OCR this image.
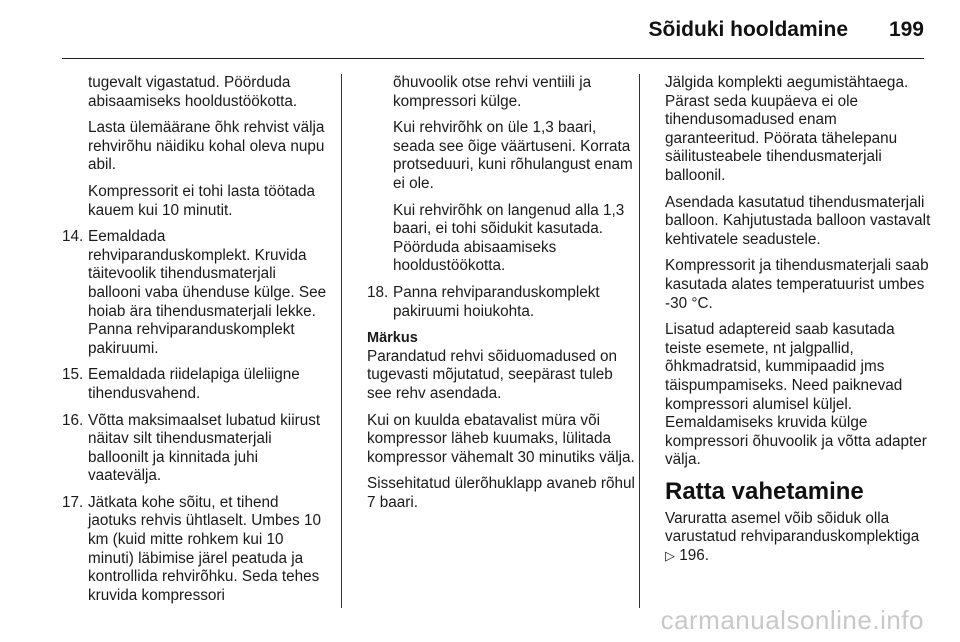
Sõiduki hooldamine 199

tugevalt vigastatud. Pöörduda abisaamiseks hooldustöökotta.

Lasta ülemäärane õhk rehvist välja rehvirõhu näidiku kohal oleva nupu abil.

Kompressorit ei tohi lasta töötada kauem kui 10 minutit.

14. Eemaldada rehviparanduskomplekt. Kruvida täitevoolik tihendusmaterjali ballooni vaba ühenduse külge. See hoiab ära tihendusmaterjali lekke. Panna rehviparanduskomplekt pakiruumi.
15. Eemaldada riidelapiga üleliigne tihendusvahend.
16. Võtta maksimaalset lubatud kiirust näitav silt tihendusmaterjali balloonilt ja kinnitada juhi vaatevälja.
17. Jätkata kohe sõitu, et tihend jaotuks rehvis ühtlaselt. Umbes 10 km (kuid mitte rohkem kui 10 minuti) läbimise järel peatuda ja kontrollida rehvirõhku. Seda tehes kruvida kompressori

õhuvoolik otse rehvi ventiili ja kompressori külge.

Kui rehvirõhk on üle 1,3 baari, seada see õige väärtuseni. Korrata protseduuri, kuni rõhulangust enam ei ole.

Kui rehvirõhk on langenud alla 1,3 baari, ei tohi sõidukit kasutada. Pöörduda abisaamiseks hooldustöökotta.

18. Panna rehviparanduskomplekt pakiruumi hoiukohta.
Märkus

Parandatud rehvi sõiduomadused on tugevasti mõjutatud, seepärast tuleb see rehv asendada.

Kui on kuulda ebatavalist müra või kompressor läheb kuumaks, lülitada kompressor vähemalt 30 minutiks välja.

Sissehitatud ülerõhuklapp avaneb rõhul 7 baari.

Jälgida komplekti aegumistähtaega. Pärast seda kuupäeva ei ole tihendusomadused enam garanteeritud. Pöörata tähelepanu säilitusteabele tihendusmaterjali balloonil.

Asendada kasutatud tihendusmaterjali balloon. Kahjutustada balloon vastavalt kehtivatele seadustele.

Kompressorit ja tihendusmaterjali saab kasutada alates temperatuurist umbes -30 °C.

Lisatud adaptereid saab kasutada teiste esemete, nt jalgpallid, õhkmadratsid, kummipaadid jms täispumpamiseks. Need paiknevad kompressori alumisel küljel. Eemaldamiseks kruvida külge kompressori õhuvoolik ja võtta adapter välja.

Ratta vahetamine

Varuratta asemel võib sõiduk olla varustatud rehviparanduskomplektiga ▷ 196.

carmanualsonline.info
